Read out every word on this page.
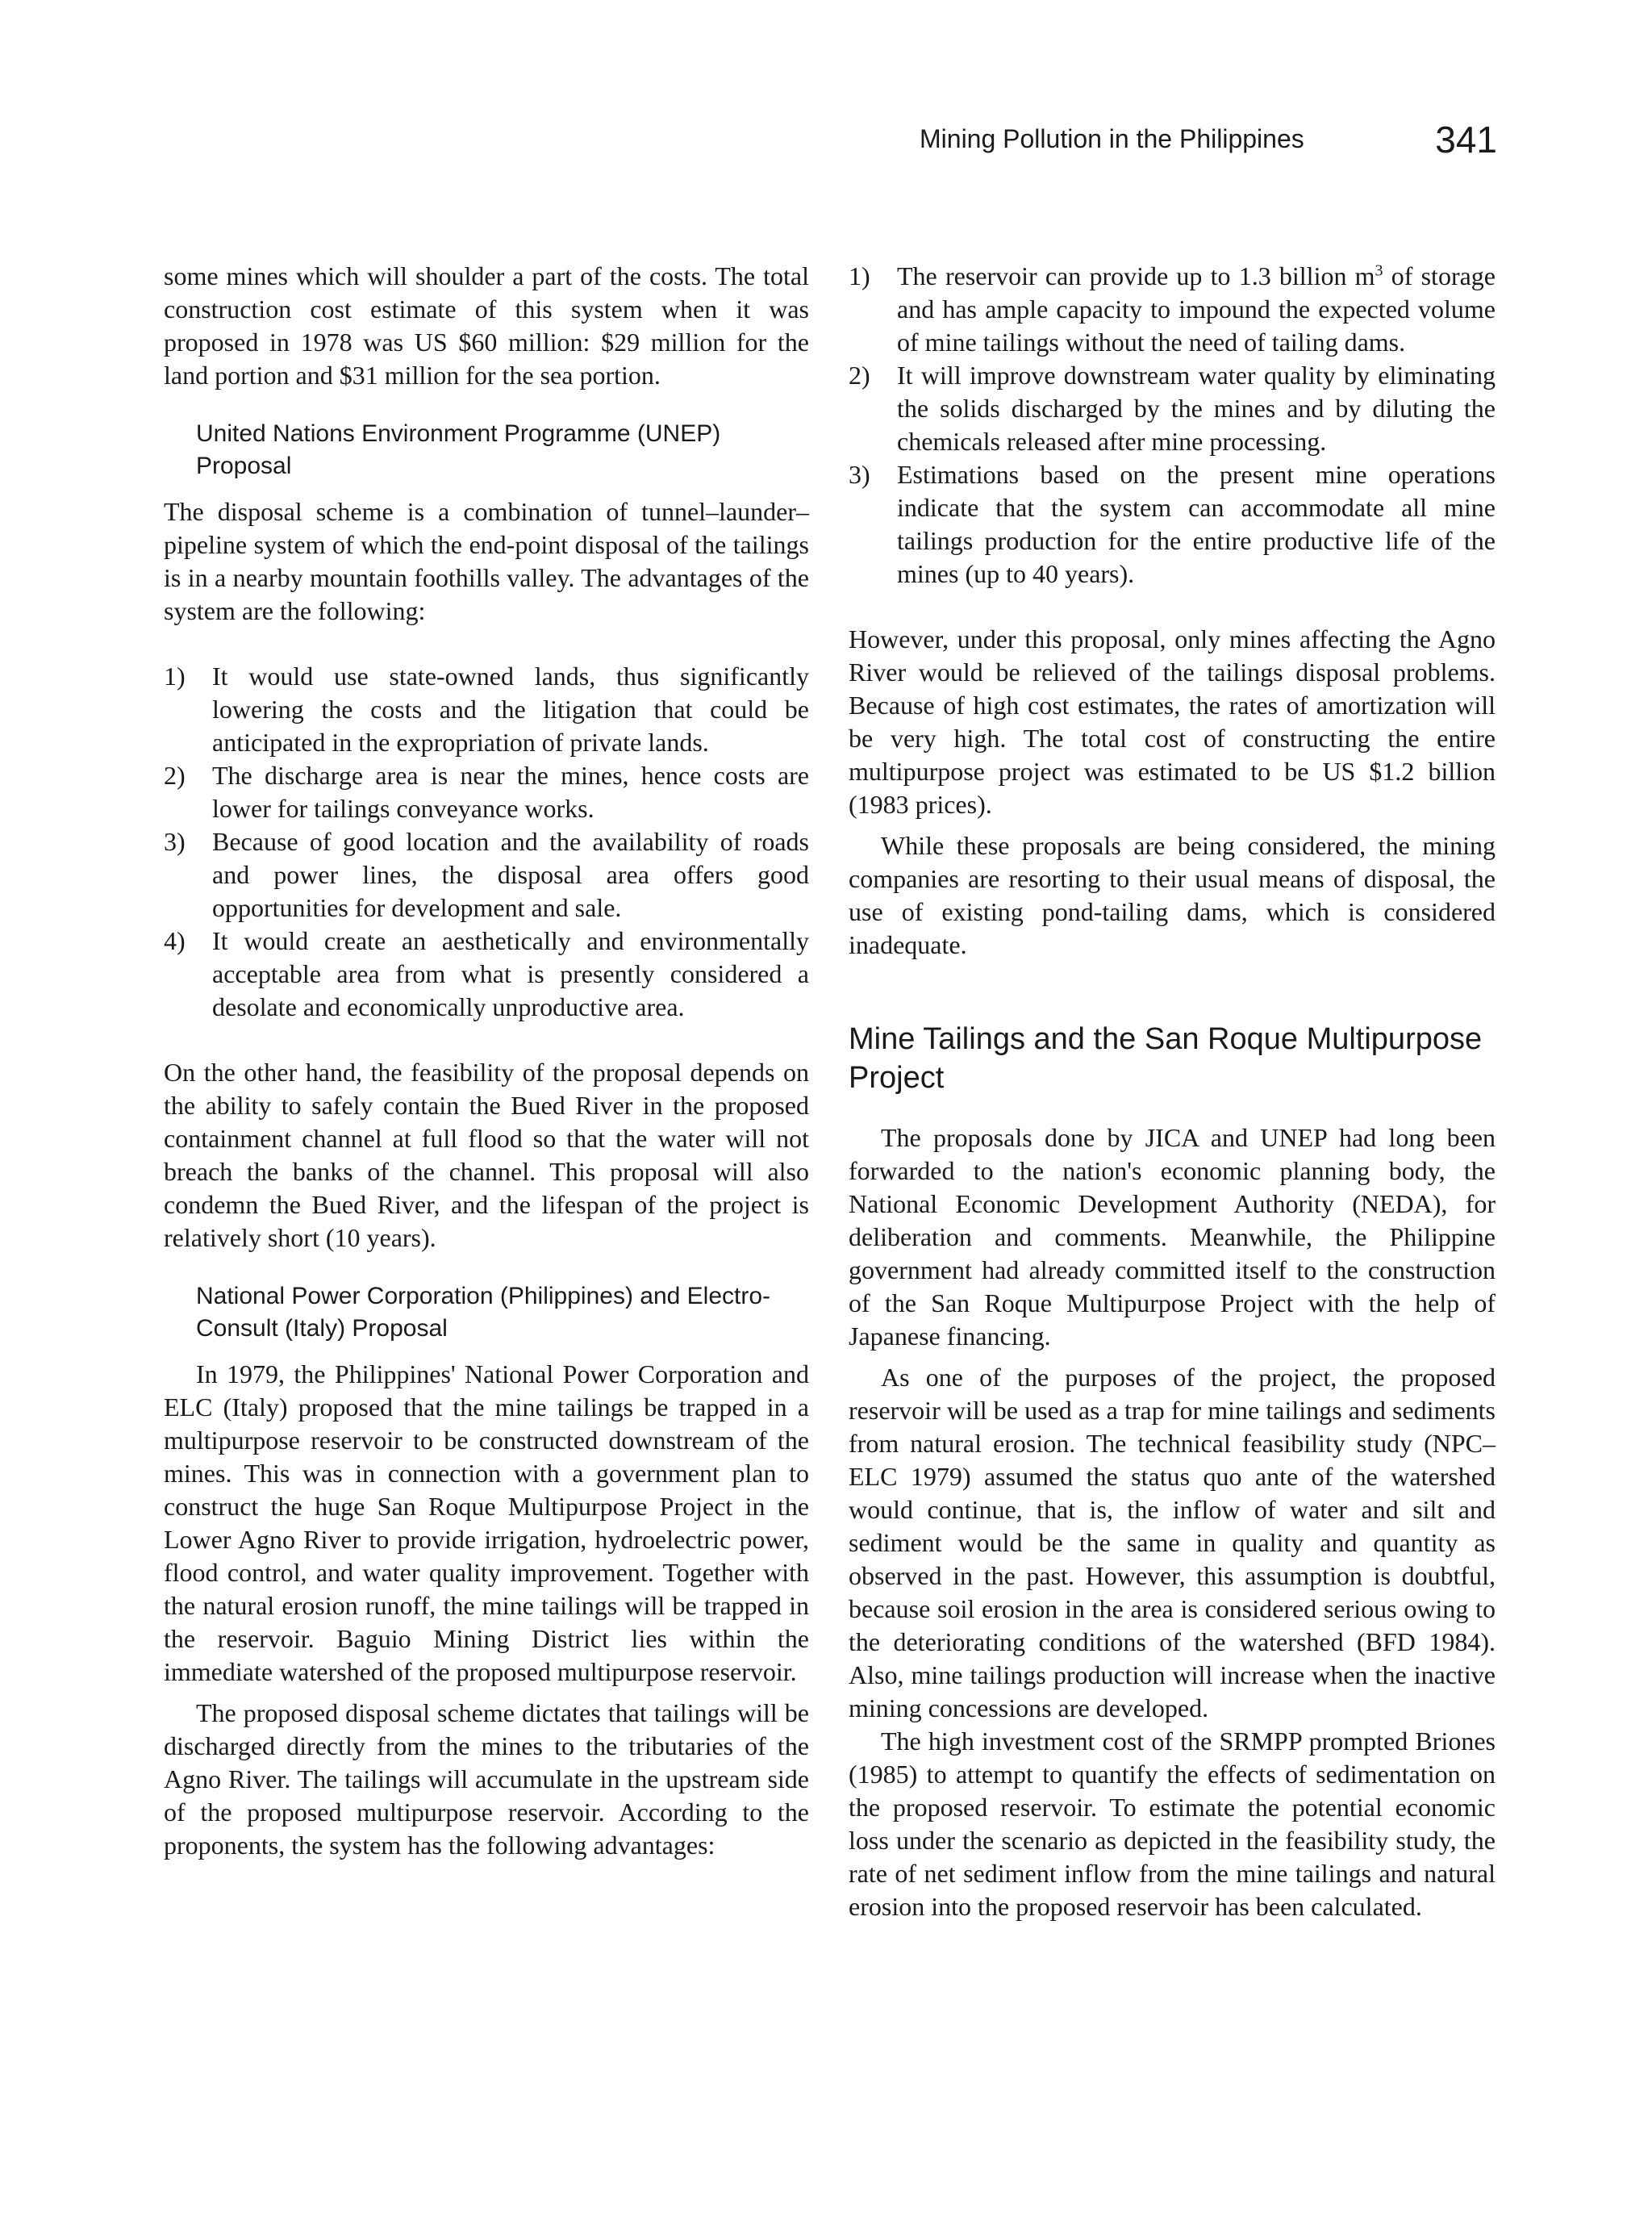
Mining Pollution in the Philippines	341

some mines which will shoulder a part of the costs. The total construction cost estimate of this system when it was proposed in 1978 was US $60 million: $29 million for the land portion and $31 million for the sea portion.

United Nations Environment Programme (UNEP) Proposal

The disposal scheme is a combination of tunnel–launder–pipeline system of which the end-point disposal of the tailings is in a nearby mountain foothills valley. The advantages of the system are the following:

1) It would use state-owned lands, thus significantly lowering the costs and the litigation that could be anticipated in the expropriation of private lands.
2) The discharge area is near the mines, hence costs are lower for tailings conveyance works.
3) Because of good location and the availability of roads and power lines, the disposal area offers good opportunities for development and sale.
4) It would create an aesthetically and environmentally acceptable area from what is presently considered a desolate and economically unproductive area.

On the other hand, the feasibility of the proposal depends on the ability to safely contain the Bued River in the proposed containment channel at full flood so that the water will not breach the banks of the channel. This proposal will also condemn the Bued River, and the lifespan of the project is relatively short (10 years).

National Power Corporation (Philippines) and Electro-Consult (Italy) Proposal

In 1979, the Philippines' National Power Corporation and ELC (Italy) proposed that the mine tailings be trapped in a multipurpose reservoir to be constructed downstream of the mines. This was in connection with a government plan to construct the huge San Roque Multipurpose Project in the Lower Agno River to provide irrigation, hydroelectric power, flood control, and water quality improvement. Together with the natural erosion runoff, the mine tailings will be trapped in the reservoir. Baguio Mining District lies within the immediate watershed of the proposed multipurpose reservoir.

The proposed disposal scheme dictates that tailings will be discharged directly from the mines to the tributaries of the Agno River. The tailings will accumulate in the upstream side of the proposed multipurpose reservoir. According to the proponents, the system has the following advantages:

1) The reservoir can provide up to 1.3 billion $m^3$ of storage and has ample capacity to impound the expected volume of mine tailings without the need of tailing dams.
2) It will improve downstream water quality by eliminating the solids discharged by the mines and by diluting the chemicals released after mine processing.
3) Estimations based on the present mine operations indicate that the system can accommodate all mine tailings production for the entire productive life of the mines (up to 40 years).

However, under this proposal, only mines affecting the Agno River would be relieved of the tailings disposal problems. Because of high cost estimates, the rates of amortization will be very high. The total cost of constructing the entire multipurpose project was estimated to be US $1.2 billion (1983 prices).

While these proposals are being considered, the mining companies are resorting to their usual means of disposal, the use of existing pond-tailing dams, which is considered inadequate.

Mine Tailings and the San Roque Multipurpose Project

The proposals done by JICA and UNEP had long been forwarded to the nation's economic planning body, the National Economic Development Authority (NEDA), for deliberation and comments. Meanwhile, the Philippine government had already committed itself to the construction of the San Roque Multipurpose Project with the help of Japanese financing.

As one of the purposes of the project, the proposed reservoir will be used as a trap for mine tailings and sediments from natural erosion. The technical feasibility study (NPC–ELC 1979) assumed the status quo ante of the watershed would continue, that is, the inflow of water and silt and sediment would be the same in quality and quantity as observed in the past. However, this assumption is doubtful, because soil erosion in the area is considered serious owing to the deteriorating conditions of the watershed (BFD 1984). Also, mine tailings production will increase when the inactive mining concessions are developed.

The high investment cost of the SRMPP prompted Briones (1985) to attempt to quantify the effects of sedimentation on the proposed reservoir. To estimate the potential economic loss under the scenario as depicted in the feasibility study, the rate of net sediment inflow from the mine tailings and natural erosion into the proposed reservoir has been calculated.
